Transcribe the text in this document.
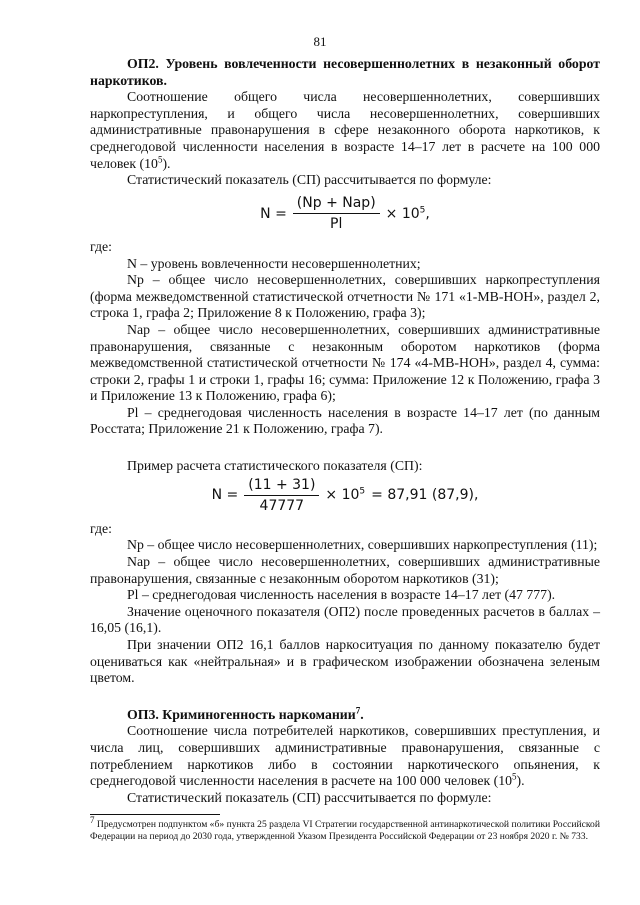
81

ОП2. Уровень вовлеченности несовершеннолетних в незаконный оборот наркотиков.

Соотношение общего числа несовершеннолетних, совершивших наркопреступления, и общего числа несовершеннолетних, совершивших административные правонарушения в сфере незаконного оборота наркотиков, к среднегодовой численности населения в возрасте 14–17 лет в расчете на 100 000 человек $(10^5)$.

Статистический показатель (СП) рассчитывается по формуле:

$N = \frac{\text{(Np + Nap)}}{Pl} \times 10^5$,

где:

N – уровень вовлеченности несовершеннолетних;

Np – общее число несовершеннолетних, совершивших наркопреступления (форма межведомственной статистической отчетности № 171 «1-МВ-НОН», раздел 2, строка 1, графа 2; Приложение 8 к Положению, графа 3);

Nap – общее число несовершеннолетних, совершивших административные правонарушения, связанные с незаконным оборотом наркотиков (форма межведомственной статистической отчетности № 174 «4-МВ-НОН», раздел 4, сумма: строки 2, графы 1 и строки 1, графы 16; сумма: Приложение 12 к Положению, графа 3 и Приложение 13 к Положению, графа 6);

Pl – среднегодовая численность населения в возрасте 14–17 лет (по данным Росстата; Приложение 21 к Положению, графа 7).

Пример расчета статистического показателя (СП):

$N = \frac{(11 + 31)}{47777} \times 10^5 = 87,91$ (87,9),

где:

Np – общее число несовершеннолетних, совершивших наркопреступления (11);

Nap – общее число несовершеннолетних, совершивших административные правонарушения, связанные с незаконным оборотом наркотиков (31);

Pl – среднегодовая численность населения в возрасте 14–17 лет (47 777).

Значение оценочного показателя (ОП2) после проведенных расчетов в баллах – 16,05 (16,1).

При значении ОП2 16,1 баллов наркоситуация по данному показателю будет оцениваться как «нейтральная» и в графическом изображении обозначена зеленым цветом.

ОП3. Криминогенность наркомании$^7$.

Соотношение числа потребителей наркотиков, совершивших преступления, и числа лиц, совершивших административные правонарушения, связанные с потреблением наркотиков либо в состоянии наркотического опьянения, к среднегодовой численности населения в расчете на 100 000 человек $(10^5)$.

Статистический показатель (СП) рассчитывается по формуле:

$^7$ Предусмотрен подпунктом «б» пункта 25 раздела VI Стратегии государственной антинаркотической политики Российской Федерации на период до 2030 года, утвержденной Указом Президента Российской Федерации от 23 ноября 2020 г. № 733.
